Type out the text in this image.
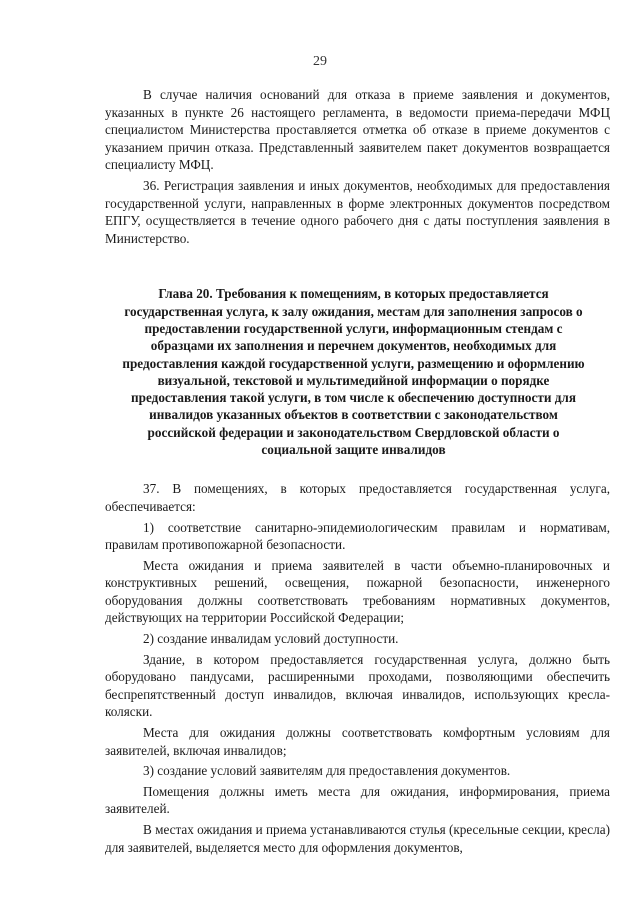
29

В случае наличия оснований для отказа в приеме заявления и документов, указанных в пункте 26 настоящего регламента, в ведомости приема-передачи МФЦ специалистом Министерства проставляется отметка об отказе в приеме документов с указанием причин отказа. Представленный заявителем пакет документов возвращается специалисту МФЦ.

36. Регистрация заявления и иных документов, необходимых для предоставления государственной услуги, направленных в форме электронных документов посредством ЕПГУ, осуществляется в течение одного рабочего дня с даты поступления заявления в Министерство.

Глава 20. Требования к помещениям, в которых предоставляется государственная услуга, к залу ожидания, местам для заполнения запросов о предоставлении государственной услуги, информационным стендам с образцами их заполнения и перечнем документов, необходимых для предоставления каждой государственной услуги, размещению и оформлению визуальной, текстовой и мультимедийной информации о порядке предоставления такой услуги, в том числе к обеспечению доступности для инвалидов указанных объектов в соответствии с законодательством российской федерации и законодательством Свердловской области о социальной защите инвалидов

37. В помещениях, в которых предоставляется государственная услуга, обеспечивается:

1) соответствие санитарно-эпидемиологическим правилам и нормативам, правилам противопожарной безопасности.

Места ожидания и приема заявителей в части объемно-планировочных и конструктивных решений, освещения, пожарной безопасности, инженерного оборудования должны соответствовать требованиям нормативных документов, действующих на территории Российской Федерации;

2) создание инвалидам условий доступности.

Здание, в котором предоставляется государственная услуга, должно быть оборудовано пандусами, расширенными проходами, позволяющими обеспечить беспрепятственный доступ инвалидов, включая инвалидов, использующих кресла-коляски.

Места для ожидания должны соответствовать комфортным условиям для заявителей, включая инвалидов;

3) создание условий заявителям для предоставления документов.

Помещения должны иметь места для ожидания, информирования, приема заявителей.

В местах ожидания и приема устанавливаются стулья (кресельные секции, кресла) для заявителей, выделяется место для оформления документов,
